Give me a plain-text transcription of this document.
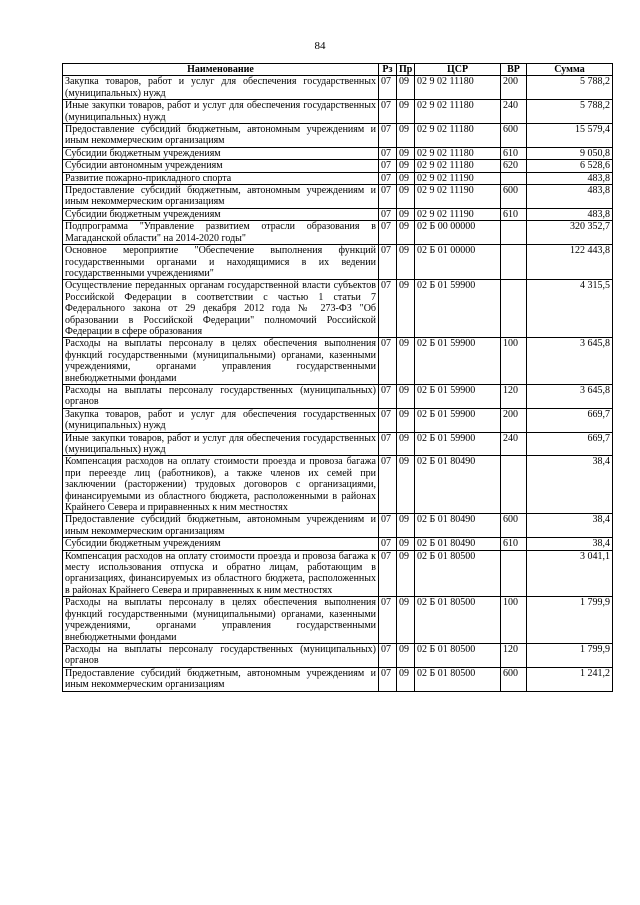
84
Наименование	Рз	Пр	ЦСР	ВР	Сумма
Закупка товаров, работ и услуг для обеспечения государственных (муниципальных) нужд	07	09	02 9 02 11180	200	5 788,2
Иные закупки товаров, работ и услуг для обеспечения государственных (муниципальных) нужд	07	09	02 9 02 11180	240	5 788,2
Предоставление субсидий бюджетным, автономным учреждениям и иным некоммерческим организациям	07	09	02 9 02 11180	600	15 579,4
Субсидии бюджетным учреждениям	07	09	02 9 02 11180	610	9 050,8
Субсидии автономным учреждениям	07	09	02 9 02 11180	620	6 528,6
Развитие пожарно-прикладного спорта	07	09	02 9 02 11190		483,8
Предоставление субсидий бюджетным, автономным учреждениям и иным некоммерческим организациям	07	09	02 9 02 11190	600	483,8
Субсидии бюджетным учреждениям	07	09	02 9 02 11190	610	483,8
Подпрограмма "Управление развитием отрасли образования в Магаданской области" на 2014-2020 годы"	07	09	02 Б 00 00000		320 352,7
Основное мероприятие "Обеспечение выполнения функций государственными органами и находящимися в их ведении государственными учреждениями"	07	09	02 Б 01 00000		122 443,8
Осуществление переданных органам государственной власти субъектов Российской Федерации в соответствии с частью 1 статьи 7 Федерального закона от 29 декабря 2012 года № 273-ФЗ "Об образовании в Российской Федерации" полномочий Российской Федерации в сфере образования	07	09	02 Б 01 59900		4 315,5
Расходы на выплаты персоналу в целях обеспечения выполнения функций государственными (муниципальными) органами, казенными учреждениями, органами управления государственными внебюджетными фондами	07	09	02 Б 01 59900	100	3 645,8
Расходы на выплаты персоналу государственных (муниципальных) органов	07	09	02 Б 01 59900	120	3 645,8
Закупка товаров, работ и услуг для обеспечения государственных (муниципальных) нужд	07	09	02 Б 01 59900	200	669,7
Иные закупки товаров, работ и услуг для обеспечения государственных (муниципальных) нужд	07	09	02 Б 01 59900	240	669,7
Компенсация расходов на оплату стоимости проезда и провоза багажа при переезде лиц (работников), а также членов их семей при заключении (расторжении) трудовых договоров с организациями, финансируемыми из областного бюджета, расположенными в районах Крайнего Севера и приравненных к ним местностях	07	09	02 Б 01 80490		38,4
Предоставление субсидий бюджетным, автономным учреждениям и иным некоммерческим организациям	07	09	02 Б 01 80490	600	38,4
Субсидии бюджетным учреждениям	07	09	02 Б 01 80490	610	38,4
Компенсация расходов на оплату стоимости проезда и провоза багажа к месту использования отпуска и обратно лицам, работающим в организациях, финансируемых из областного бюджета, расположенных в районах Крайнего Севера и приравненных к ним местностях	07	09	02 Б 01 80500		3 041,1
Расходы на выплаты персоналу в целях обеспечения выполнения функций государственными (муниципальными) органами, казенными учреждениями, органами управления государственными внебюджетными фондами	07	09	02 Б 01 80500	100	1 799,9
Расходы на выплаты персоналу государственных (муниципальных) органов	07	09	02 Б 01 80500	120	1 799,9
Предоставление субсидий бюджетным, автономным учреждениям и иным некоммерческим организациям	07	09	02 Б 01 80500	600	1 241,2
